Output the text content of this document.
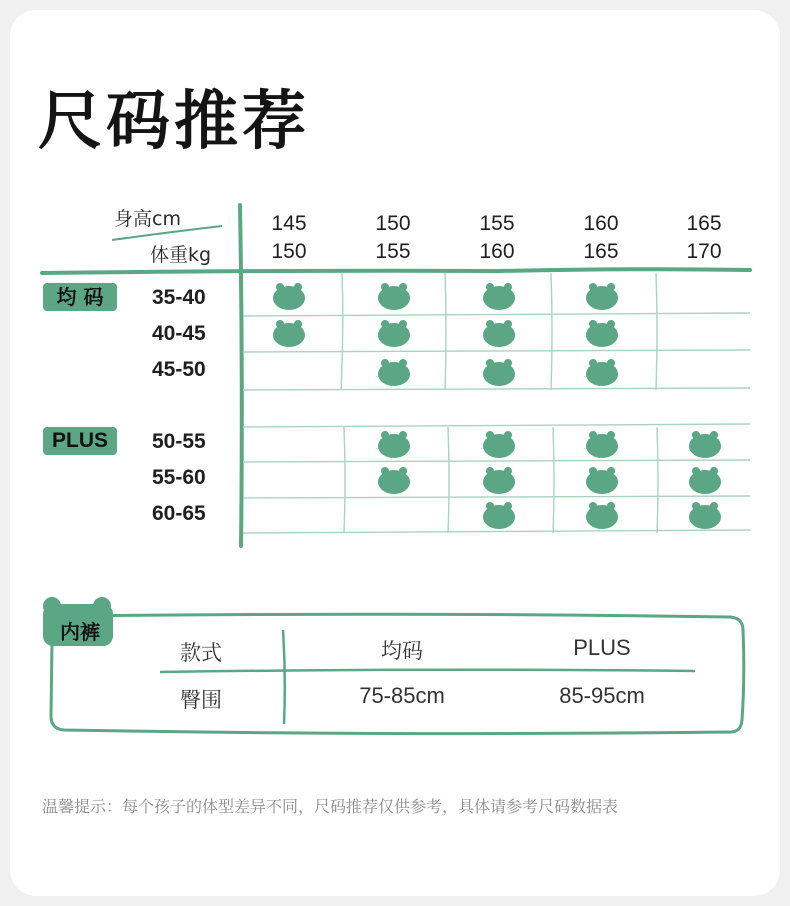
尺码推荐
身高cm
体重kg
145
150
150
155
155
160
160
165
165
170
均 码
PLUS
35-40
40-45
45-50
50-55
55-60
60-65
内裤
款式
臀围
均码	PLUS
75-85cm	85-95cm
温馨提示：每个孩子的体型差异不同，尺码推荐仅供参考，具体请参考尺码数据表
